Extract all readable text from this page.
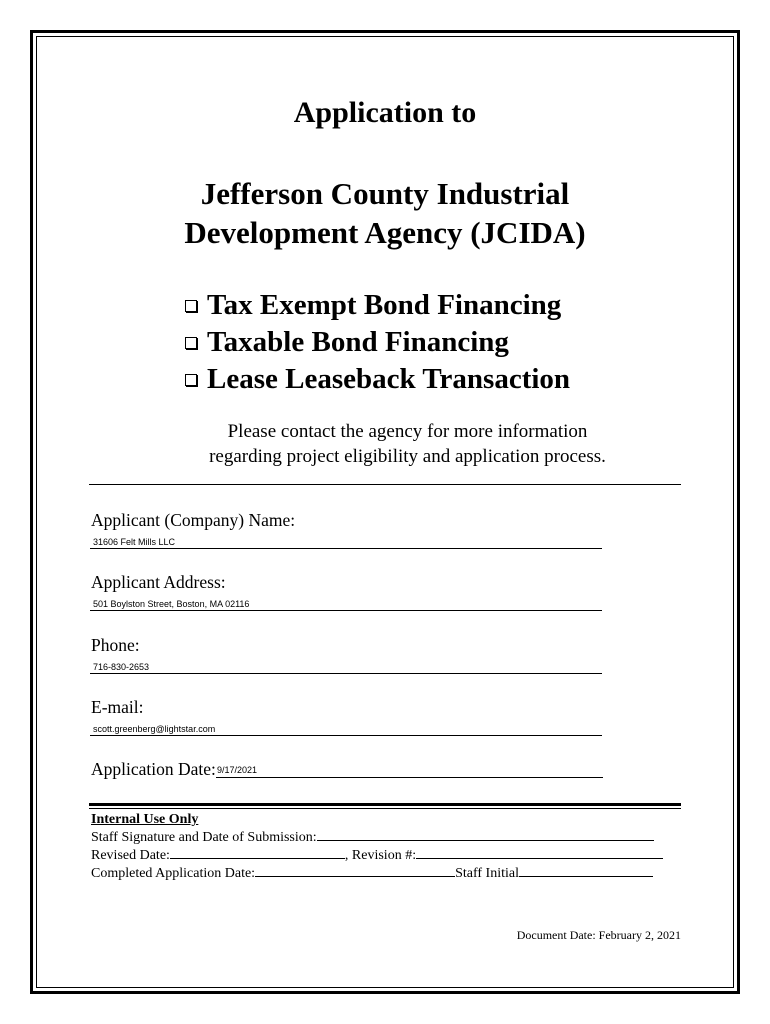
Application to
Jefferson County Industrial
Development Agency (JCIDA)
Tax Exempt Bond Financing
Taxable Bond Financing
Lease Leaseback Transaction
Please contact the agency for more information
regarding project eligibility and application process.
Applicant (Company) Name:
31606 Felt Mills LLC
Applicant Address:
501 Boylston Street, Boston, MA 02116
Phone:
716-830-2653
E-mail:
scott.greenberg@lightstar.com
Application Date: 9/17/2021
Internal Use Only
Staff Signature and Date of Submission:
Revised Date:	, Revision #:
Completed Application Date:	Staff Initial
Document Date: February 2, 2021
